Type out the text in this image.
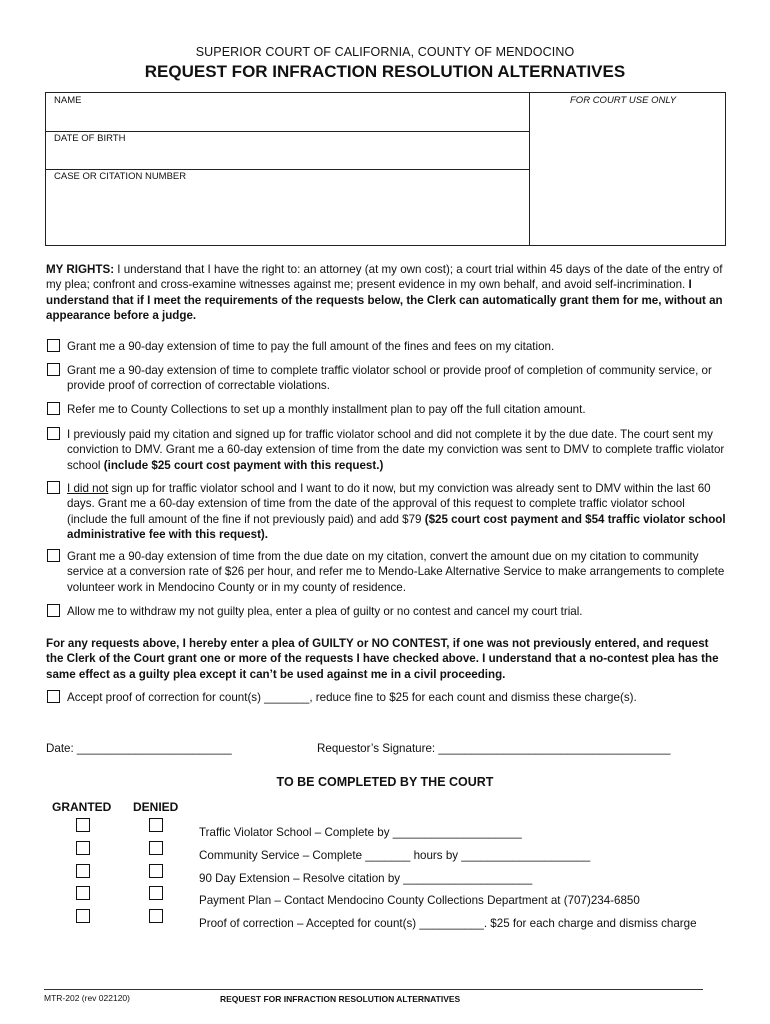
SUPERIOR COURT OF CALIFORNIA, COUNTY OF MENDOCINO
REQUEST FOR INFRACTION RESOLUTION ALTERNATIVES
NAME
DATE OF BIRTH
CASE OR CITATION NUMBER
FOR COURT USE ONLY
MY RIGHTS: I understand that I have the right to: an attorney (at my own cost); a court trial within 45 days of the date of the entry of my plea; confront and cross-examine witnesses against me; present evidence in my own behalf, and avoid self-incrimination. I understand that if I meet the requirements of the requests below, the Clerk can automatically grant them for me, without an appearance before a judge.
Grant me a 90-day extension of time to pay the full amount of the fines and fees on my citation.
Grant me a 90-day extension of time to complete traffic violator school or provide proof of completion of community service, or provide proof of correction of correctable violations.
Refer me to County Collections to set up a monthly installment plan to pay off the full citation amount.
I previously paid my citation and signed up for traffic violator school and did not complete it by the due date. The court sent my conviction to DMV. Grant me a 60-day extension of time from the date my conviction was sent to DMV to complete traffic violator school (include $25 court cost payment with this request.)
I did not sign up for traffic violator school and I want to do it now, but my conviction was already sent to DMV within the last 60 days. Grant me a 60-day extension of time from the date of the approval of this request to complete traffic violator school (include the full amount of the fine if not previously paid) and add $79 ($25 court cost payment and $54 traffic violator school administrative fee with this request).
Grant me a 90-day extension of time from the due date on my citation, convert the amount due on my citation to community service at a conversion rate of $26 per hour, and refer me to Mendo-Lake Alternative Service to make arrangements to complete volunteer work in Mendocino County or in my county of residence.
Allow me to withdraw my not guilty plea, enter a plea of guilty or no contest and cancel my court trial.
For any requests above, I hereby enter a plea of GUILTY or NO CONTEST, if one was not previously entered, and request the Clerk of the Court grant one or more of the requests I have checked above. I understand that a no-contest plea has the same effect as a guilty plea except it can’t be used against me in a civil proceeding.
Accept proof of correction for count(s) _______, reduce fine to $25 for each count and dismiss these charge(s).
Date: ________________________	Requestor’s Signature: ____________________________________
TO BE COMPLETED BY THE COURT
GRANTED DENIED
Traffic Violator School – Complete by ____________________
Community Service – Complete _______ hours by ____________________
90 Day Extension – Resolve citation by ____________________
Payment Plan – Contact Mendocino County Collections Department at (707)234-6850
Proof of correction – Accepted for count(s) __________. $25 for each charge and dismiss charge
MTR-202 (rev 022120)	REQUEST FOR INFRACTION RESOLUTION ALTERNATIVES
